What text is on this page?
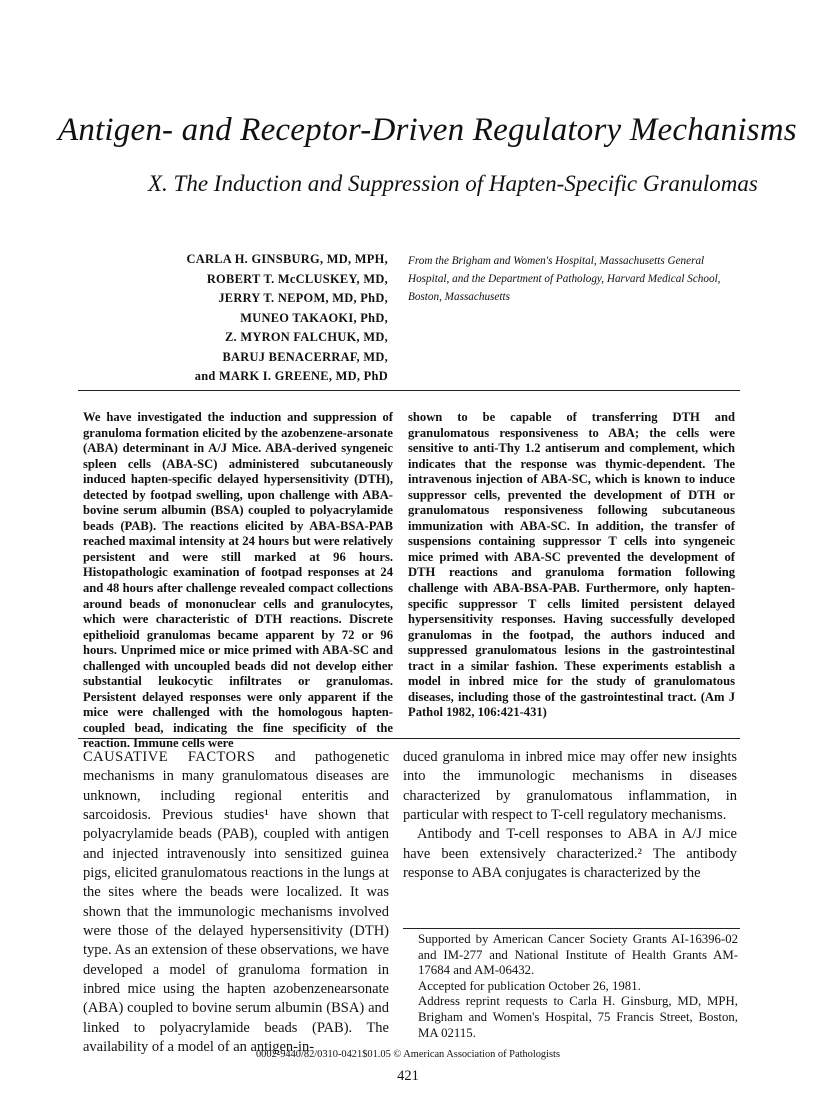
Antigen- and Receptor-Driven Regulatory Mechanisms
X. The Induction and Suppression of Hapten-Specific Granulomas
CARLA H. GINSBURG, MD, MPH,
ROBERT T. McCLUSKEY, MD,
JERRY T. NEPOM, MD, PhD,
MUNEO TAKAOKI, PhD,
Z. MYRON FALCHUK, MD,
BARUJ BENACERRAF, MD,
and MARK I. GREENE, MD, PhD
From the Brigham and Women's Hospital, Massachusetts General Hospital, and the Department of Pathology, Harvard Medical School, Boston, Massachusetts
We have investigated the induction and suppression of granuloma formation elicited by the azobenzene-arsonate (ABA) determinant in A/J Mice. ABA-derived syngeneic spleen cells (ABA-SC) administered subcutaneously induced hapten-specific delayed hypersensitivity (DTH), detected by footpad swelling, upon challenge with ABA-bovine serum albumin (BSA) coupled to polyacrylamide beads (PAB). The reactions elicited by ABA-BSA-PAB reached maximal intensity at 24 hours but were relatively persistent and were still marked at 96 hours. Histopathologic examination of footpad responses at 24 and 48 hours after challenge revealed compact collections around beads of mononuclear cells and granulocytes, which were characteristic of DTH reactions. Discrete epithelioid granulomas became apparent by 72 or 96 hours. Unprimed mice or mice primed with ABA-SC and challenged with uncoupled beads did not develop either substantial leukocytic infiltrates or granulomas. Persistent delayed responses were only apparent if the mice were challenged with the homologous hapten-coupled bead, indicating the fine specificity of the reaction. Immune cells were
shown to be capable of transferring DTH and granulomatous responsiveness to ABA; the cells were sensitive to anti-Thy 1.2 antiserum and complement, which indicates that the response was thymic-dependent. The intravenous injection of ABA-SC, which is known to induce suppressor cells, prevented the development of DTH or granulomatous responsiveness following subcutaneous immunization with ABA-SC. In addition, the transfer of suspensions containing suppressor T cells into syngeneic mice primed with ABA-SC prevented the development of DTH reactions and granuloma formation following challenge with ABA-BSA-PAB. Furthermore, only hapten-specific suppressor T cells limited persistent delayed hypersensitivity responses. Having successfully developed granulomas in the footpad, the authors induced and suppressed granulomatous lesions in the gastrointestinal tract in a similar fashion. These experiments establish a model in inbred mice for the study of granulomatous diseases, including those of the gastrointestinal tract. (Am J Pathol 1982, 106:421-431)

CAUSATIVE FACTORS and pathogenetic mechanisms in many granulomatous diseases are unknown, including regional enteritis and sarcoidosis. Previous studies¹ have shown that polyacrylamide beads (PAB), coupled with antigen and injected intravenously into sensitized guinea pigs, elicited granulomatous reactions in the lungs at the sites where the beads were localized. It was shown that the immunologic mechanisms involved were those of the delayed hypersensitivity (DTH) type. As an extension of these observations, we have developed a model of granuloma formation in inbred mice using the hapten azobenzenearsonate (ABA) coupled to bovine serum albumin (BSA) and linked to polyacrylamide beads (PAB). The availability of a model of an antigen-in-

duced granuloma in inbred mice may offer new insights into the immunologic mechanisms in diseases characterized by granulomatous inflammation, in particular with respect to T-cell regulatory mechanisms.

Antibody and T-cell responses to ABA in A/J mice have been extensively characterized.² The antibody response to ABA conjugates is characterized by the

Supported by American Cancer Society Grants AI-16396-02 and IM-277 and National Institute of Health Grants AM-17684 and AM-06432.

Accepted for publication October 26, 1981.

Address reprint requests to Carla H. Ginsburg, MD, MPH, Brigham and Women's Hospital, 75 Francis Street, Boston, MA 02115.

0002-9440/82/0310-0421$01.05 © American Association of Pathologists
421
